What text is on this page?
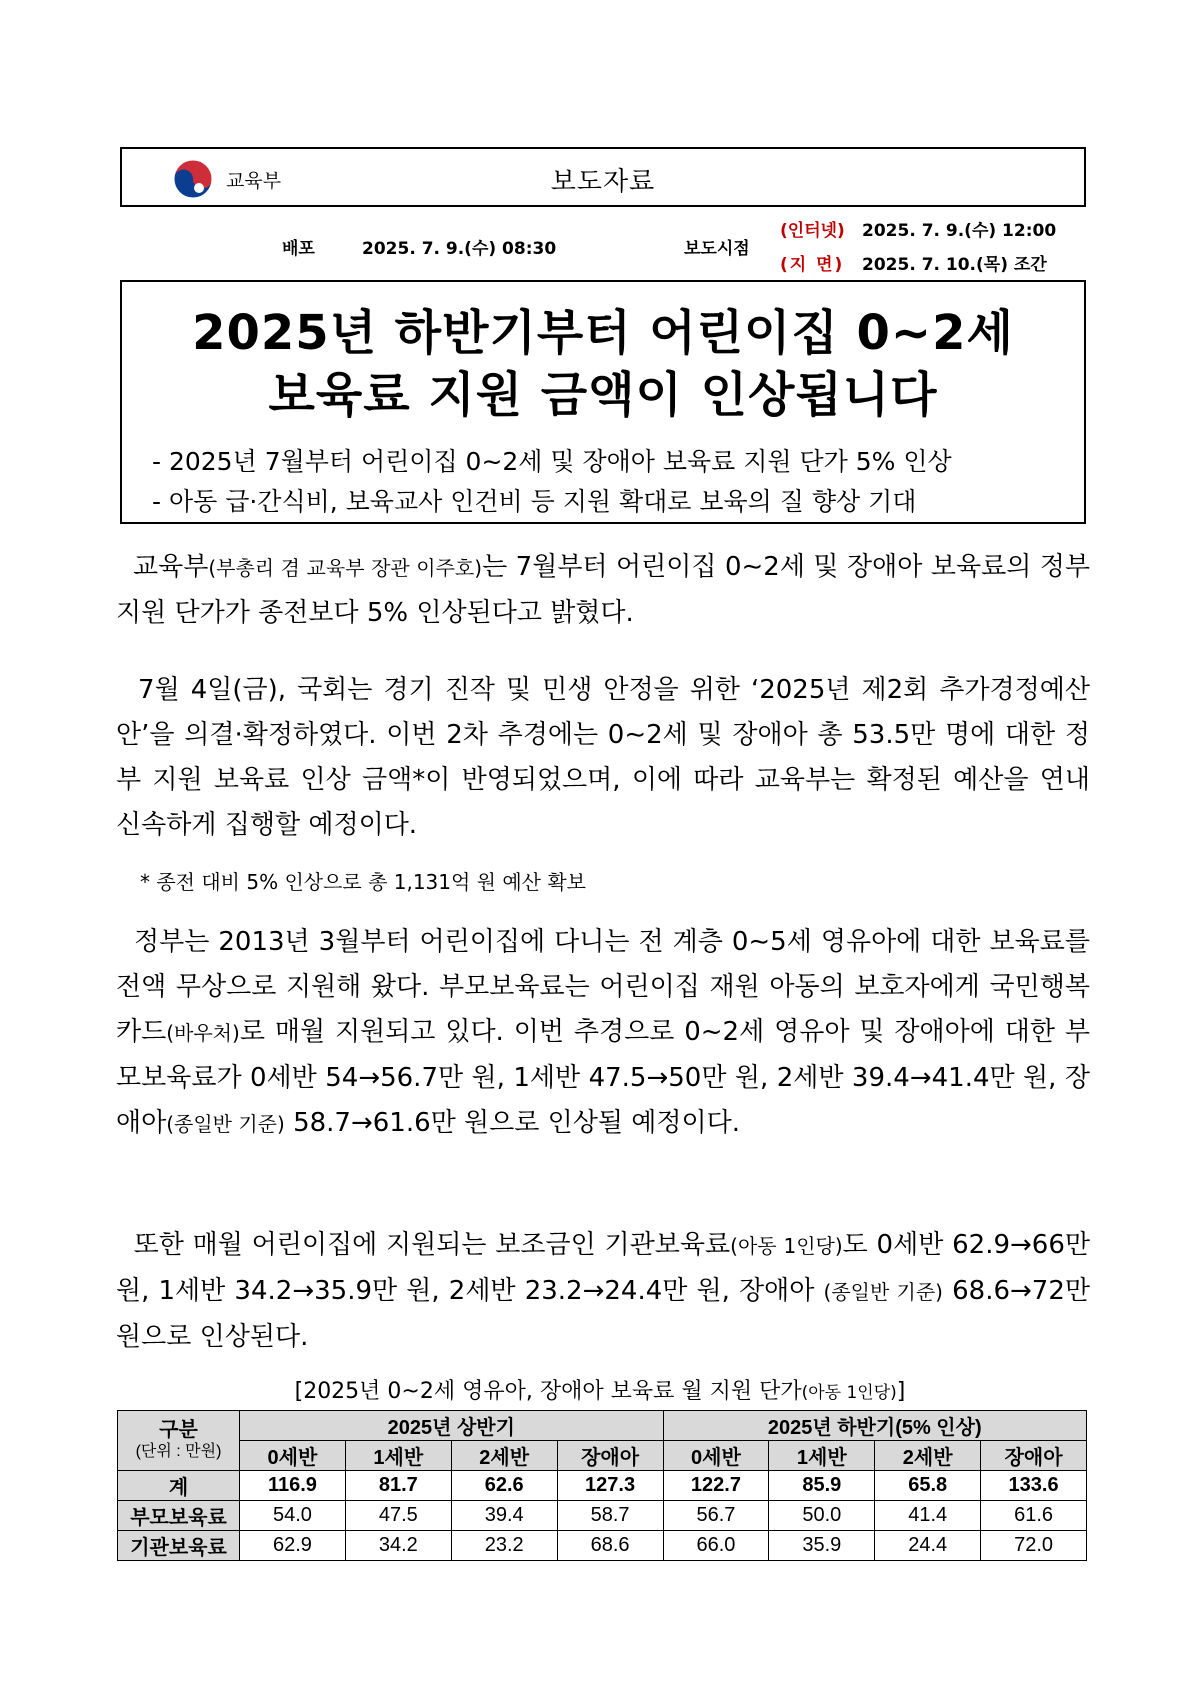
교육부	보도자료
배포	2025. 7. 9.(수) 08:30	보도시점
(인터넷) 2025. 7. 9.(수) 12:00
(지 면) 2025. 7. 10.(목) 조간
2025년 하반기부터 어린이집 0∼2세
보육료 지원 금액이 인상됩니다
- 2025년 7월부터 어린이집 0∼2세 및 장애아 보육료 지원 단가 5% 인상
- 아동 급·간식비, 보육교사 인건비 등 지원 확대로 보육의 질 향상 기대

교육부(부총리 겸 교육부 장관 이주호)는 7월부터 어린이집 0∼2세 및 장애아 보육료의 정부 지원 단가가 종전보다 5% 인상된다고 밝혔다.

7월 4일(금), 국회는 경기 진작 및 민생 안정을 위한 ‘2025년 제2회 추가경정예산안’을 의결·확정하였다. 이번 2차 추경에는 0∼2세 및 장애아 총 53.5만 명에 대한 정부 지원 보육료 인상 금액*이 반영되었으며, 이에 따라 교육부는 확정된 예산을 연내 신속하게 집행할 예정이다.

* 종전 대비 5% 인상으로 총 1,131억 원 예산 확보

정부는 2013년 3월부터 어린이집에 다니는 전 계층 0∼5세 영유아에 대한 보육료를 전액 무상으로 지원해 왔다. 부모보육료는 어린이집 재원 아동의 보호자에게 국민행복카드(바우처)로 매월 지원되고 있다. 이번 추경으로 0~2세 영유아 및 장애아에 대한 부모보육료가 0세반 54→56.7만 원, 1세반 47.5→50만 원, 2세반 39.4→41.4만 원, 장애아(종일반 기준) 58.7→61.6만 원으로 인상될 예정이다.

또한 매월 어린이집에 지원되는 보조금인 기관보육료(아동 1인당)도 0세반 62.9→66만 원, 1세반 34.2→35.9만 원, 2세반 23.2→24.4만 원, 장애아 (종일반 기준) 68.6→72만 원으로 인상된다.

[2025년 0~2세 영유아, 장애아 보육료 월 지원 단가(아동 1인당)]
구분
(단위 : 만원)	2025년 상반기				2025년 하반기(5% 인상)			
	0세반	1세반	2세반	장애아	0세반	1세반	2세반	장애아
계	116.9	81.7	62.6	127.3	122.7	85.9	65.8	133.6
부모보육료	54.0	47.5	39.4	58.7	56.7	50.0	41.4	61.6
기관보육료	62.9	34.2	23.2	68.6	66.0	35.9	24.4	72.0
